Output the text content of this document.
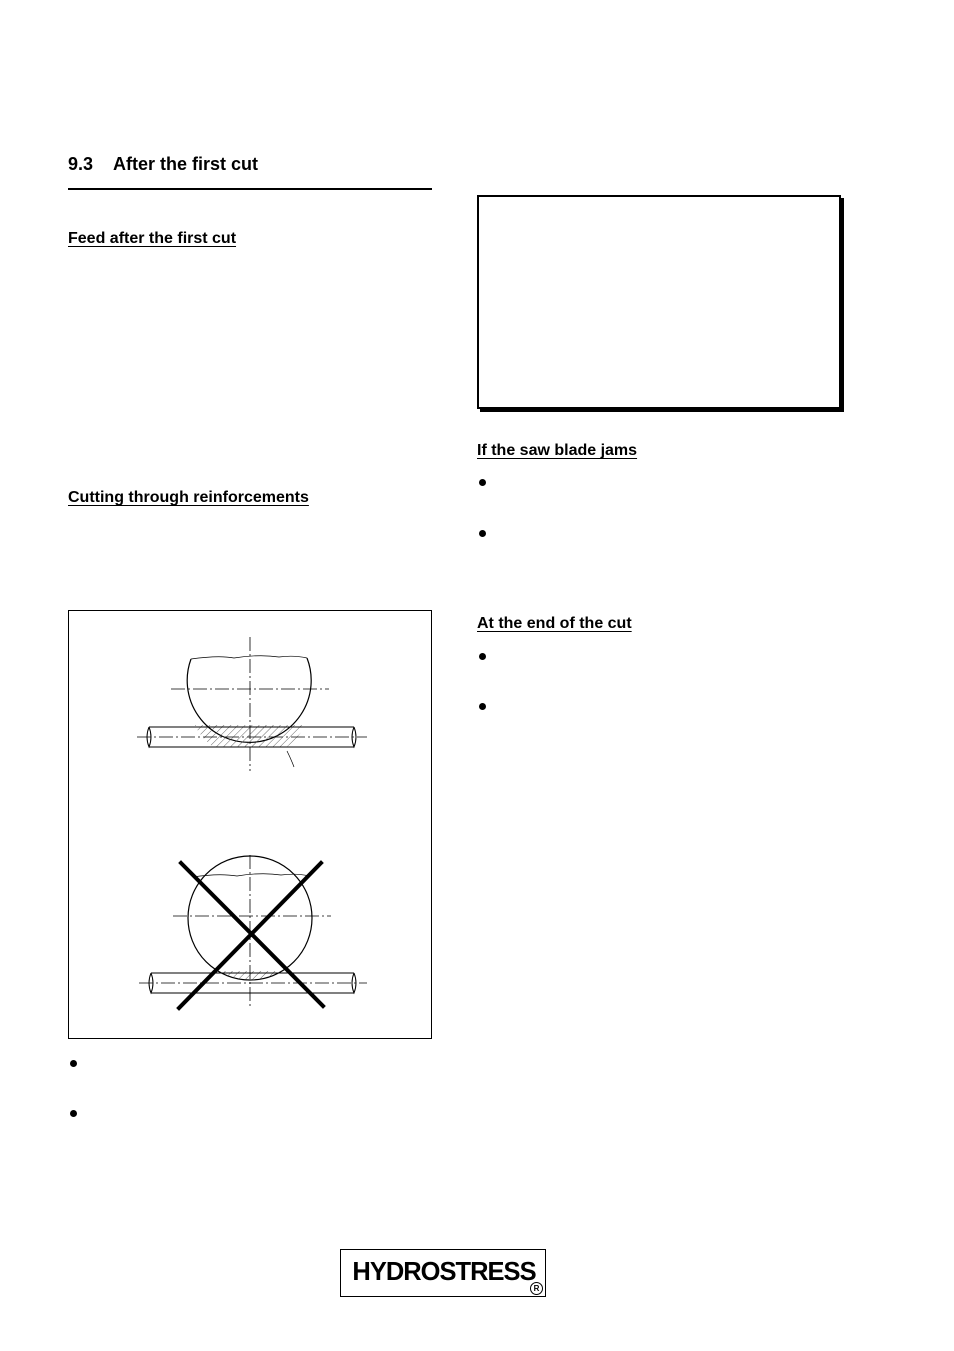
9.3 After the first cut
Feed after the first cut
Cutting through reinforcements
If the saw blade jams
At the end of the cut
HYDROSTRESS
R
